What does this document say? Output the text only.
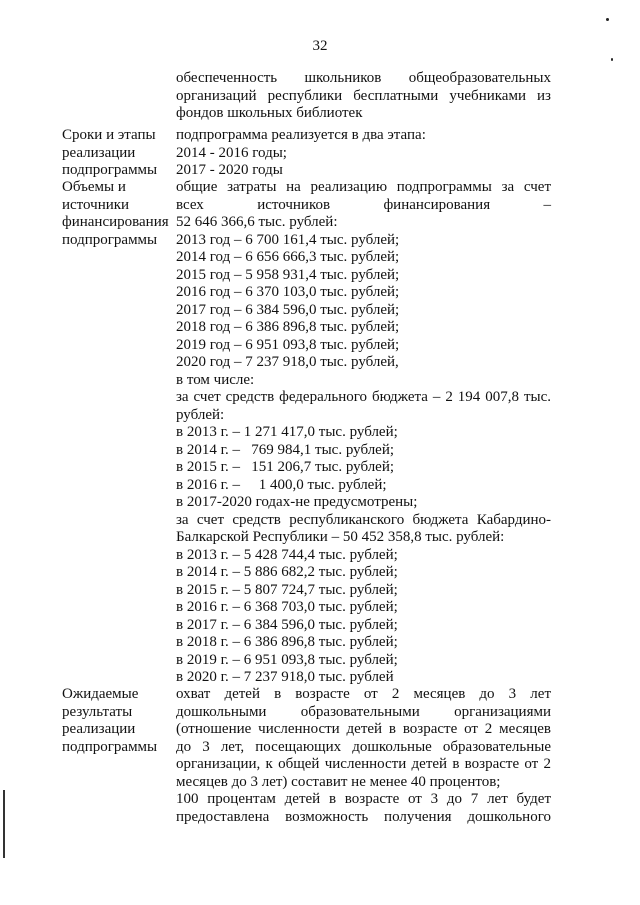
32
обеспеченность школьников общеобразовательных
организаций республики бесплатными учебниками из
фондов школьных библиотек
Сроки и этапы
реализации
подпрограммы
подпрограмма реализуется в два этапа:
2014 - 2016 годы;
2017 - 2020 годы
Объемы и
источники
финансирования
подпрограммы
общие затраты на реализацию подпрограммы за счет
всех источников финансирования –
52 646 366,6 тыс. рублей:
2013 год – 6 700 161,4 тыс. рублей;
2014 год – 6 656 666,3 тыс. рублей;
2015 год – 5 958 931,4 тыс. рублей;
2016 год – 6 370 103,0 тыс. рублей;
2017 год – 6 384 596,0 тыс. рублей;
2018 год – 6 386 896,8 тыс. рублей;
2019 год – 6 951 093,8 тыс. рублей;
2020 год – 7 237 918,0 тыс. рублей,
в том числе:
за счет средств федерального бюджета – 2 194 007,8 тыс.
рублей:
в 2013 г. – 1 271 417,0 тыс. рублей;
в 2014 г. –   769 984,1 тыс. рублей;
в 2015 г. –   151 206,7 тыс. рублей;
в 2016 г. –     1 400,0 тыс. рублей;
в 2017-2020 годах-не предусмотрены;
за счет средств республиканского бюджета Кабардино-
Балкарской Республики – 50 452 358,8 тыс. рублей:
в 2013 г. – 5 428 744,4 тыс. рублей;
в 2014 г. – 5 886 682,2 тыс. рублей;
в 2015 г. – 5 807 724,7 тыс. рублей;
в 2016 г. – 6 368 703,0 тыс. рублей;
в 2017 г. – 6 384 596,0 тыс. рублей;
в 2018 г. – 6 386 896,8 тыс. рублей;
в 2019 г. – 6 951 093,8 тыс. рублей;
в 2020 г. – 7 237 918,0 тыс. рублей
Ожидаемые
результаты
реализации
подпрограммы
охват детей в возрасте от 2 месяцев до 3 лет
дошкольными образовательными организациями
(отношение численности детей в возрасте от 2 месяцев
до 3 лет, посещающих дошкольные образовательные
организации, к общей численности детей в возрасте от 2
месяцев до 3 лет) составит не менее 40 процентов;
100 процентам детей в возрасте от 3 до 7 лет будет
предоставлена возможность получения дошкольного
